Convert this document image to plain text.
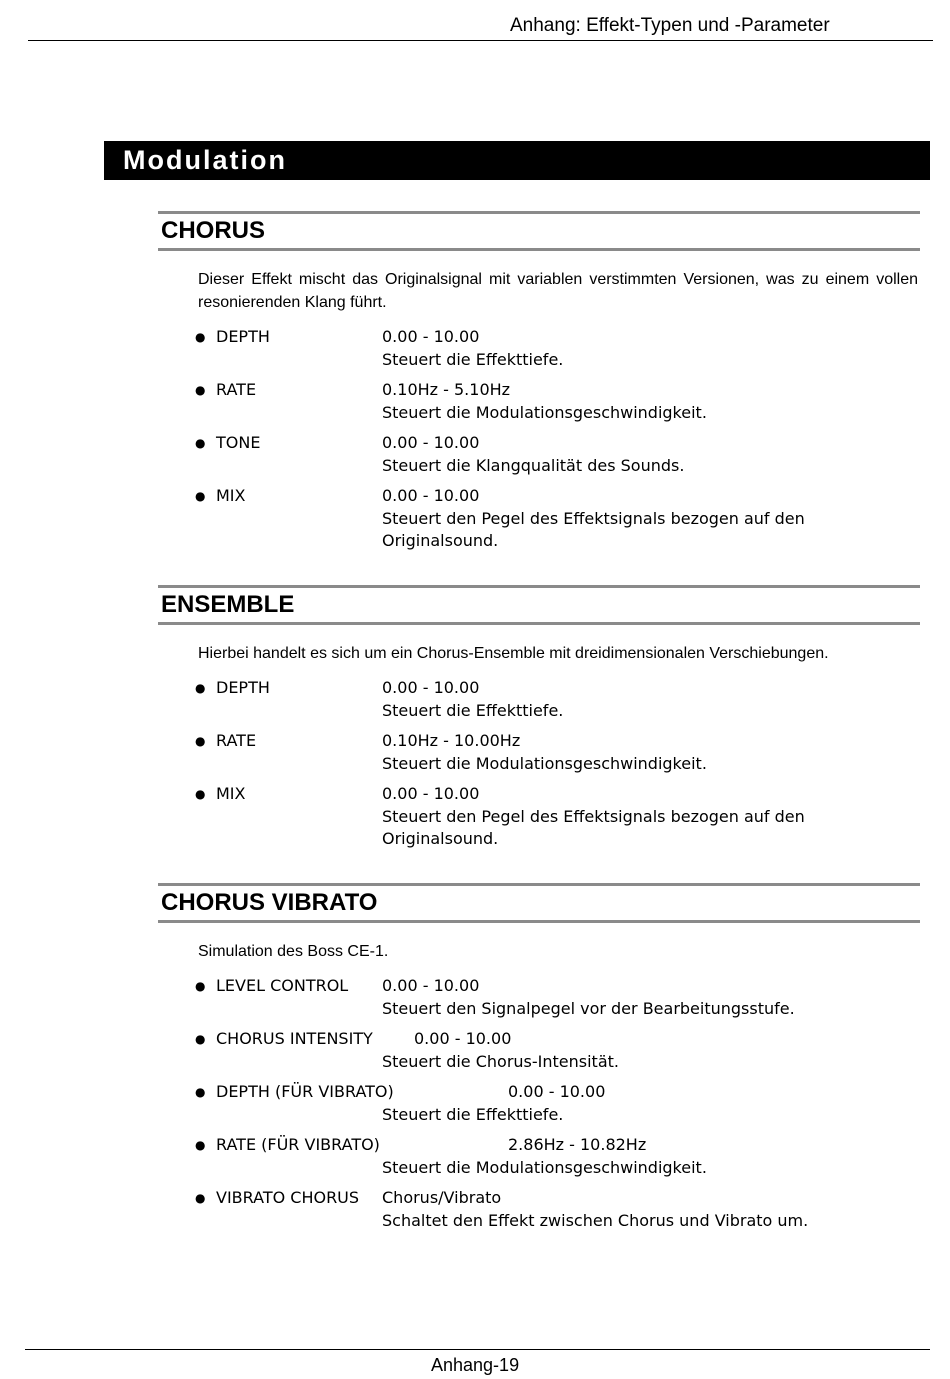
Anhang: Effekt-Typen und -Parameter
Modulation
CHORUS
Dieser Effekt mischt das Originalsignal mit variablen verstimmten Versionen, was zu einem vollen resonierenden Klang führt.
● DEPTH	0.00 - 10.00
Steuert die Effekttiefe.
● RATE	0.10Hz - 5.10Hz
Steuert die Modulationsgeschwindigkeit.
● TONE	0.00 - 10.00
Steuert die Klangqualität des Sounds.
● MIX	0.00 - 10.00
Steuert den Pegel des Effektsignals bezogen auf den Originalsound.
ENSEMBLE
Hierbei handelt es sich um ein Chorus-Ensemble mit dreidimensionalen Verschiebungen.
● DEPTH	0.00 - 10.00
Steuert die Effekttiefe.
● RATE	0.10Hz - 10.00Hz
Steuert die Modulationsgeschwindigkeit.
● MIX	0.00 - 10.00
Steuert den Pegel des Effektsignals bezogen auf den Originalsound.
CHORUS VIBRATO
Simulation des Boss CE-1.
● LEVEL CONTROL 0.00 - 10.00
Steuert den Signalpegel vor der Bearbeitungsstufe.
● CHORUS INTENSITY	0.00 - 10.00
Steuert die Chorus-Intensität.
● DEPTH (FÜR VIBRATO)	0.00 - 10.00
Steuert die Effekttiefe.
● RATE (FÜR VIBRATO)	2.86Hz - 10.82Hz
Steuert die Modulationsgeschwindigkeit.
● VIBRATO CHORUS Chorus/Vibrato
Schaltet den Effekt zwischen Chorus und Vibrato um.
Anhang-19
